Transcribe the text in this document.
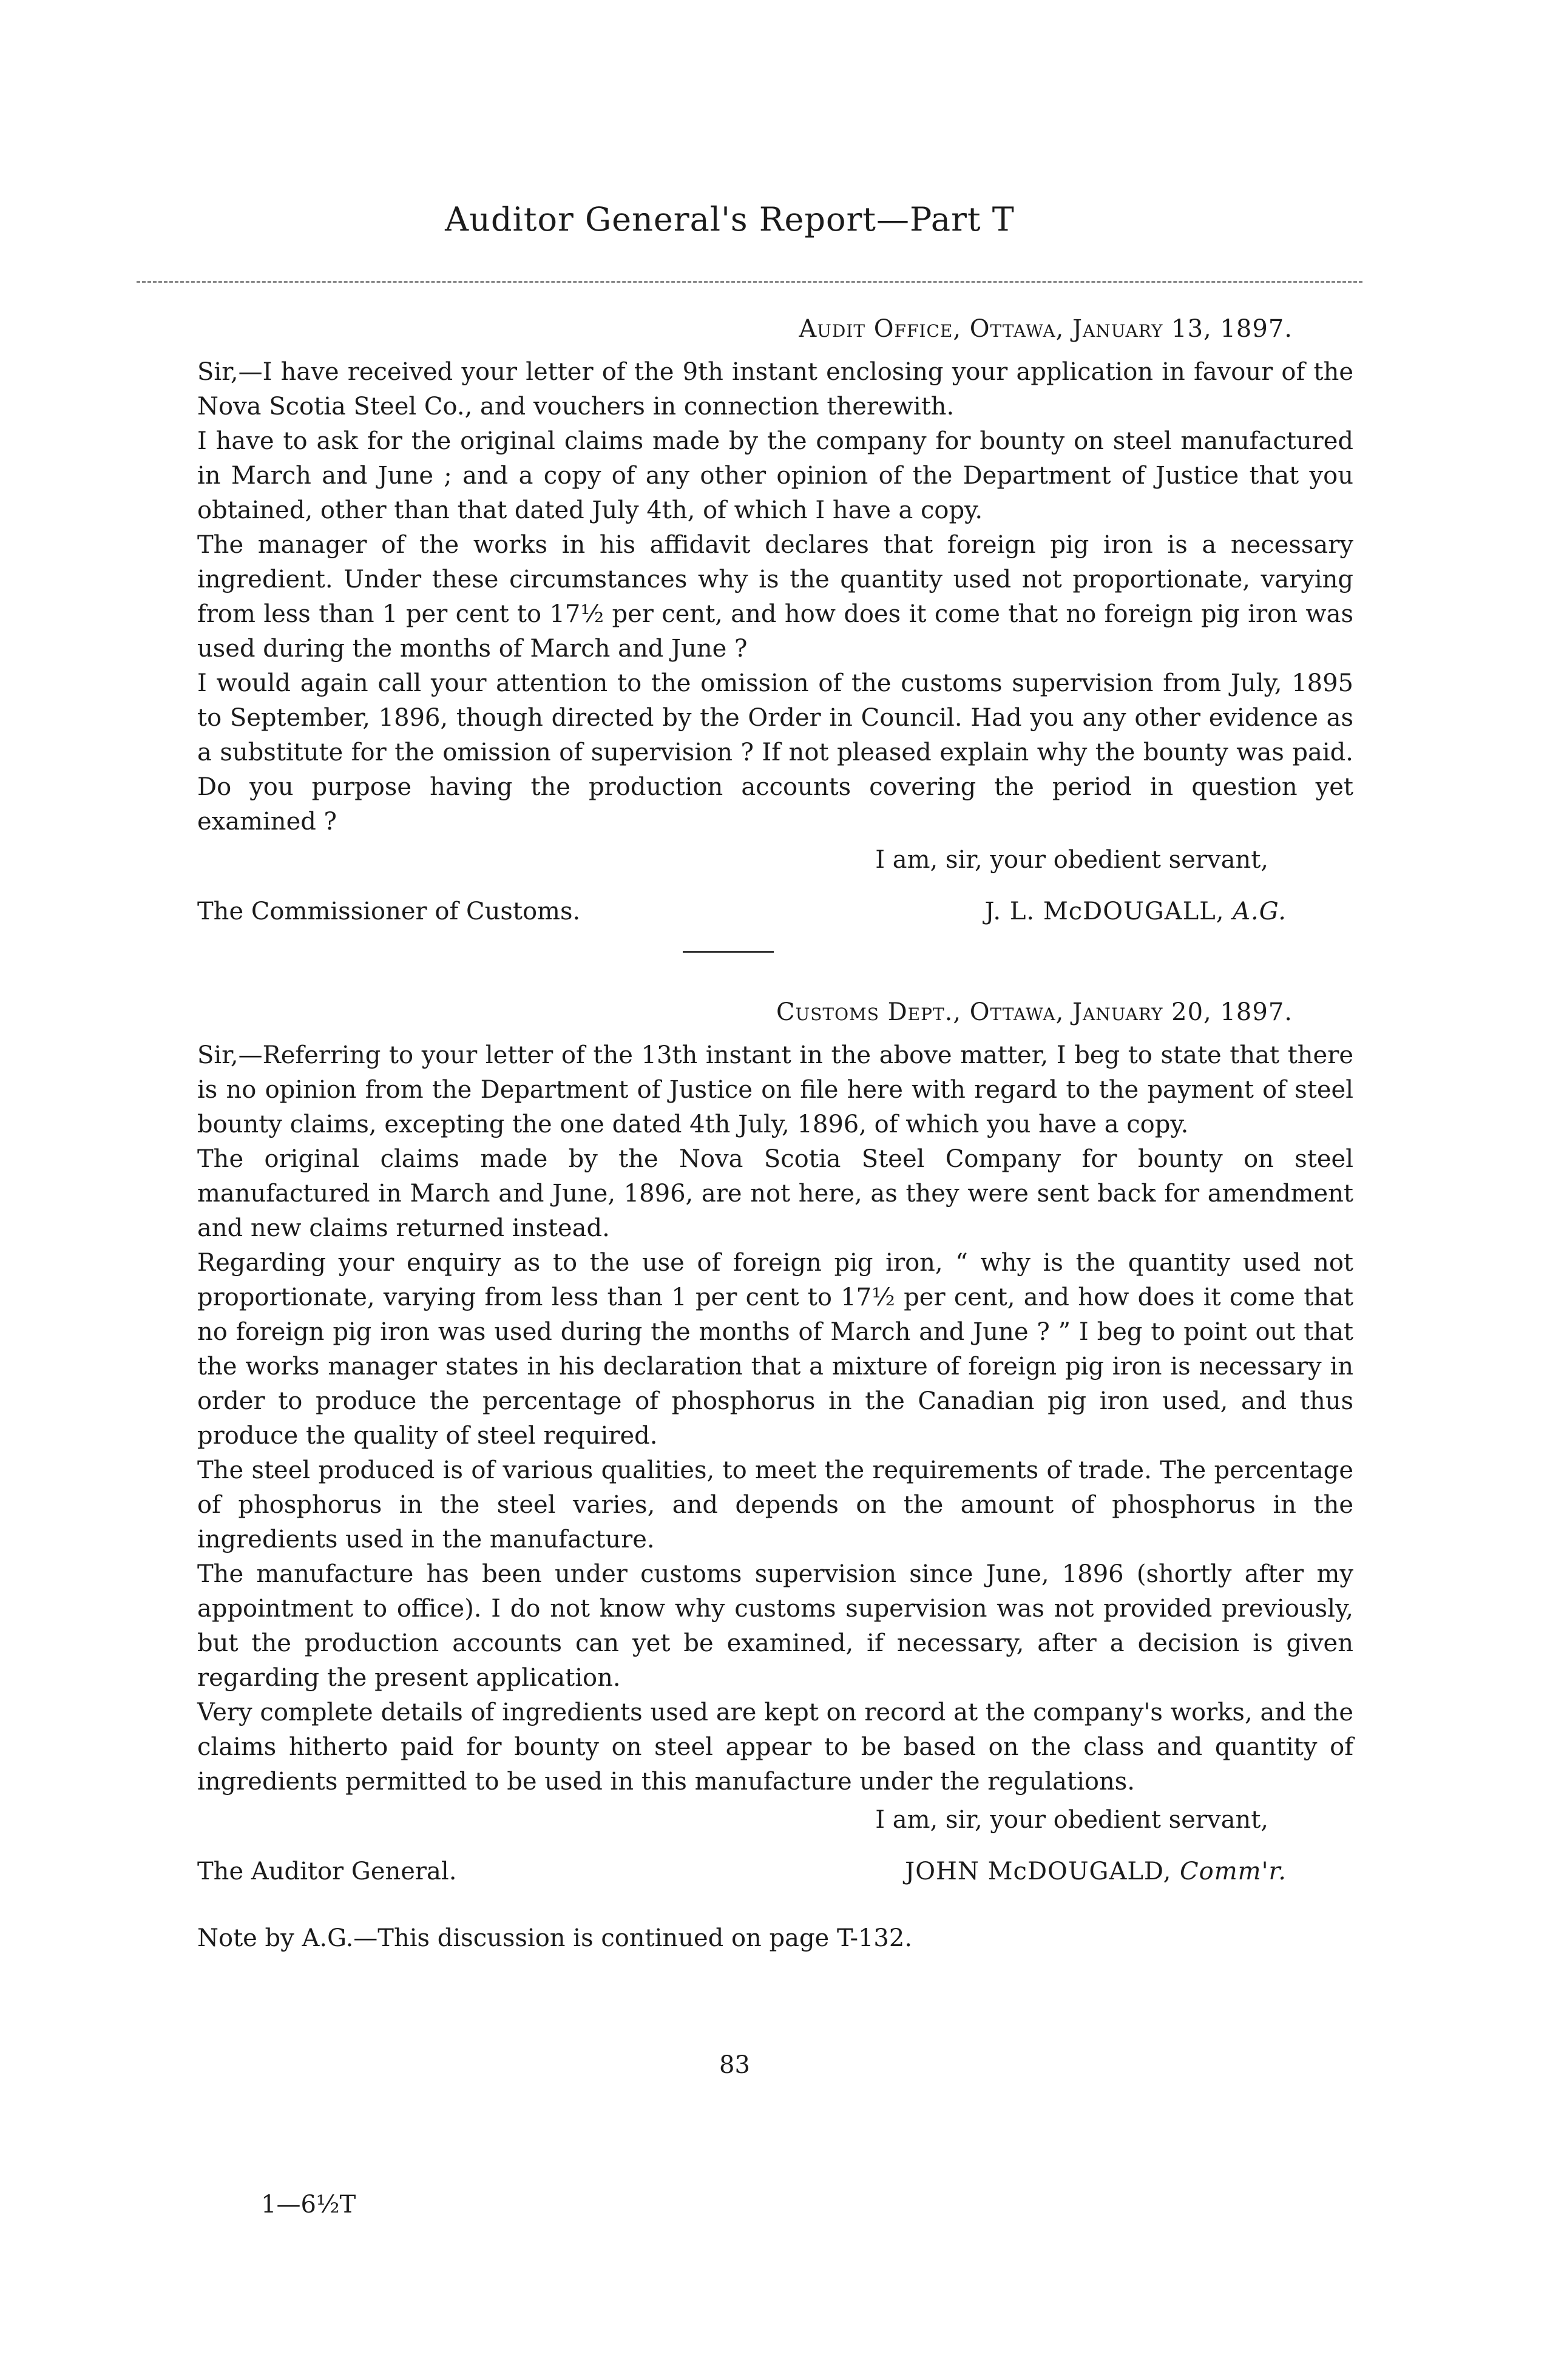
Auditor General's Report—Part T
Audit Office, Ottawa, January 13, 1897.

Sir,—I have received your letter of the 9th instant enclosing your application in favour of the Nova Scotia Steel Co., and vouchers in connection therewith.

I have to ask for the original claims made by the company for bounty on steel manufactured in March and June ; and a copy of any other opinion of the Department of Justice that you obtained, other than that dated July 4th, of which I have a copy.

The manager of the works in his affidavit declares that foreign pig iron is a necessary ingredient. Under these circumstances why is the quantity used not proportionate, varying from less than 1 per cent to 17½ per cent, and how does it come that no foreign pig iron was used during the months of March and June ?

I would again call your attention to the omission of the customs supervision from July, 1895 to September, 1896, though directed by the Order in Council. Had you any other evidence as a substitute for the omission of supervision ? If not pleased explain why the bounty was paid. Do you purpose having the production accounts covering the period in question yet examined ?

I am, sir, your obedient servant,
The Commissioner of Customs.	J. L. McDOUGALL, A.G.
Customs Dept., Ottawa, January 20, 1897.

Sir,—Referring to your letter of the 13th instant in the above matter, I beg to state that there is no opinion from the Department of Justice on file here with regard to the payment of steel bounty claims, excepting the one dated 4th July, 1896, of which you have a copy.

The original claims made by the Nova Scotia Steel Company for bounty on steel manufactured in March and June, 1896, are not here, as they were sent back for amendment and new claims returned instead.

Regarding your enquiry as to the use of foreign pig iron, “ why is the quantity used not proportionate, varying from less than 1 per cent to 17½ per cent, and how does it come that no foreign pig iron was used during the months of March and June ? ” I beg to point out that the works manager states in his declaration that a mixture of foreign pig iron is necessary in order to produce the percentage of phosphorus in the Canadian pig iron used, and thus produce the quality of steel required.

The steel produced is of various qualities, to meet the requirements of trade. The percentage of phosphorus in the steel varies, and depends on the amount of phosphorus in the ingredients used in the manufacture.

The manufacture has been under customs supervision since June, 1896 (shortly after my appointment to office). I do not know why customs supervision was not provided previously, but the production accounts can yet be examined, if necessary, after a decision is given regarding the present application.

Very complete details of ingredients used are kept on record at the company's works, and the claims hitherto paid for bounty on steel appear to be based on the class and quantity of ingredients permitted to be used in this manufacture under the regulations.

I am, sir, your obedient servant,
The Auditor General.	JOHN McDOUGALD, Comm'r.
Note by A.G.—This discussion is continued on page T-132.
83
1—6½T
